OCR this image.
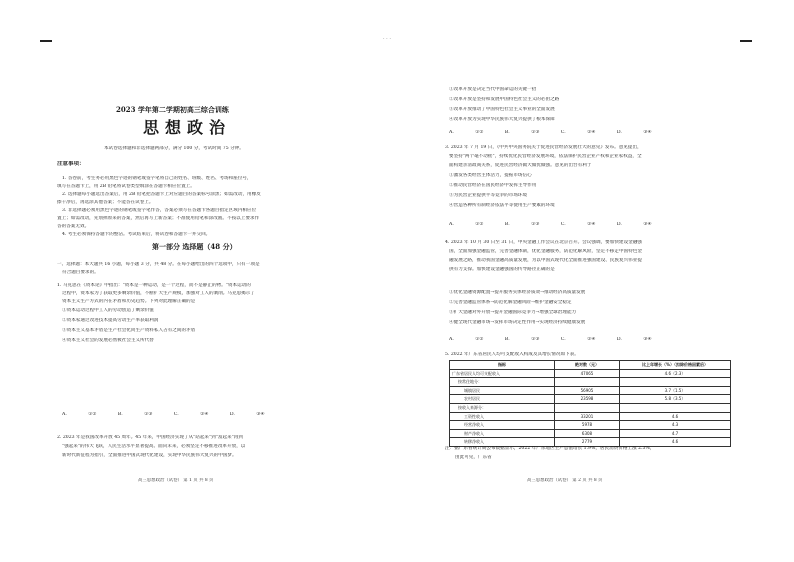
2023 学年第二学期初高三综合训练
思想政治
本试卷选择题和非选择题两部分，满分 100 分，考试时间 75 分钟。
注意事项：
1. 答卷前，考生务必用黑色字迹的钢笔或签字笔将自己的姓名、班级、姓名、考场和座位号，
填写在答题卡上，用 2B 铅笔将试卷类型填涂在答题卡相应位置上。
2. 选择题每小题选出答案后，用 2B 铅笔把答题卡上对应题目的答案标号涂黑；如需改动，用橡皮
擦干净后，再选涂其他答案；不能答在试卷上。
3. 非选择题必须用黑色字迹的钢笔或签字笔作答，答案必须写在答题卡各题目指定区域内相应位
置上；如需改动，先划掉原来的答案，然后再写上新答案；不准使用铅笔和涂改液。不按以上要求作
答的答案无效。
4. 考生必须保持答题卡的整洁。考试结束后，将试卷和答题卡一并交回。
第一部分 选择题（48 分）
一、选择题：本大题共 16 小题，每小题 3 分，共 48 分。在每小题给出的四个选项中，只有一项是
符合题目要求的。
1. 马克思在《资本论》中指出："资本是一种运动，是一个过程，而不是静止的物。"资本运动的
过程中，资本家为了获取更多剩余价值，不断扩大生产规模，加强对工人的剥削。马克思揭示了
资本主义生产方式的内在矛盾和历史趋势。下列对此理解正确的是
①资本运动过程中工人的劳动创造了剩余价值
②资本家通过改进技术提高劳动生产率获取利润
③资本主义基本矛盾是生产社会化同生产资料私人占有之间的矛盾
④资本主义社会的发展必然被社会主义所代替
A. ①② B. ①③ C. ②④ D. ③④
2. 2023 年是我国改革开放 45 周年。45 年来，中国经济实现了从"站起来"到"富起来"再到
"强起来"的伟大飞跃，人民生活水平显著提高。面向未来，必须坚定不移推进改革开放，以
新时代新征程为指引，全面推进中国式现代化建设，实现中华民族伟大复兴的中国梦。
高三思想政治（试卷） 第 1 页 共 8 页
· · ·
①改革开放是决定当代中国命运的关键一招
②改革开放是坚持和发展中国特色社会主义的必由之路
③改革开放推动了中国特色社会主义事业的全面发展
④改革开放为实现中华民族伟大复兴提供了根本保障
A. ①② B. ①③ C. ②④ D. ③④
3. 2023 年 7 月 19 日，《中共中央国务院关于促进民营经济发展壮大的意见》发布。意见提出，
要坚持"两个毫不动摇"，持续优化民营经济发展环境，依法保护民营企业产权和企业家权益，全
面构建亲清政商关系，促进民营经济做大做优做强。意见的出台有利于
①激发各类经营主体活力，提振市场信心
②推动民营经济在国民经济中发挥主导作用
③为民营企业提供平等竞争的市场环境
④营造各种所有制经济依法平等使用生产要素的环境
A. ①② B. ①③ C. ②④ D. ③④
4. 2023 年 10 月 30 日至 31 日，中央金融工作会议在北京召开。会议强调，要加快建设金融强
国，全面加强金融监管，完善金融体制，优化金融服务，防范化解风险，坚定不移走中国特色金
融发展之路，推动我国金融高质量发展，为以中国式现代化全面推进强国建设、民族复兴伟业提
供有力支撑。加快建设金融强国的传导路径正确的是
①优化金融资源配置→提升服务实体经济质效→推动经济高质量发展
②完善金融监管体系→防范化解金融风险→维护金融安全稳定
③扩大金融对外开放→提升金融国际竞争力→增强全球治理能力
④健全现代金融市场→发挥市场决定性作用→实现经济持续健康发展
A. ①② B. ①③ C. ②④ D. ③④
5. 2022 年广东省居民人均可支配收入构成及其增长情况如下表。
指标	绝对数（元）	比上年增长（%）（扣除价格因素后）
广东省居民人均可支配收入	47065	4.6（2.3）
按常住地分：		
城镇居民	56905	3.7（1.5）
农村居民	23598	5.8（3.5）
按收入来源分：		
工资性收入	33201	4.6
经营净收入	5978	4.3
财产净收入	6308	4.7
转移净收入	2779	4.6
注：据广东省统计局公布数据显示，2022 年广东地区生产总值增长 1.9%，居民消费价格上涨 2.3%，
由此可见，广东省
高三思想政治（试卷） 第 2 页 共 8 页
